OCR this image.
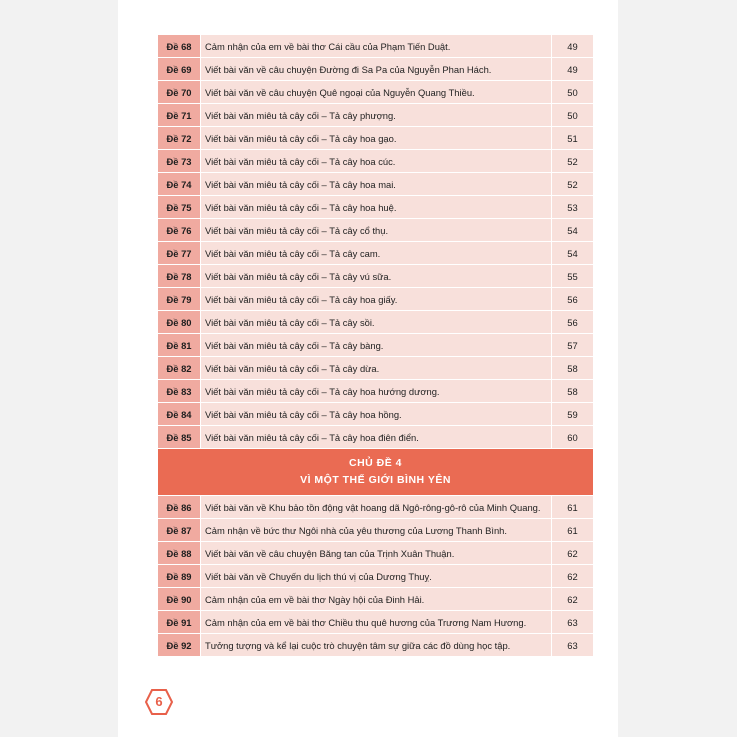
Đề 68	Cảm nhận của em về bài thơ Cái cầu của Phạm Tiến Duật.	49
Đề 69	Viết bài văn về câu chuyện Đường đi Sa Pa của Nguyễn Phan Hách.	49
Đề 70	Viết bài văn về câu chuyện Quê ngoại của Nguyễn Quang Thiều.	50
Đề 71	Viết bài văn miêu tả cây cối – Tả cây phượng.	50
Đề 72	Viết bài văn miêu tả cây cối – Tả cây hoa gạo.	51
Đề 73	Viết bài văn miêu tả cây cối – Tả cây hoa cúc.	52
Đề 74	Viết bài văn miêu tả cây cối – Tả cây hoa mai.	52
Đề 75	Viết bài văn miêu tả cây cối – Tả cây hoa huệ.	53
Đề 76	Viết bài văn miêu tả cây cối – Tả cây cổ thụ.	54
Đề 77	Viết bài văn miêu tả cây cối – Tả cây cam.	54
Đề 78	Viết bài văn miêu tả cây cối – Tả cây vú sữa.	55
Đề 79	Viết bài văn miêu tả cây cối – Tả cây hoa giấy.	56
Đề 80	Viết bài văn miêu tả cây cối – Tả cây sồi.	56
Đề 81	Viết bài văn miêu tả cây cối – Tả cây bàng.	57
Đề 82	Viết bài văn miêu tả cây cối – Tả cây dừa.	58
Đề 83	Viết bài văn miêu tả cây cối – Tả cây hoa hướng dương.	58
Đề 84	Viết bài văn miêu tả cây cối – Tả cây hoa hồng.	59
Đề 85	Viết bài văn miêu tả cây cối – Tả cây hoa điên điển.	60

CHỦ ĐỀ 4
VÌ MỘT THẾ GIỚI BÌNH YÊN		

Đề 86	Viết bài văn về Khu bảo tồn động vật hoang dã Ngô-rông-gô-rô của Minh Quang.	61
Đề 87	Cảm nhận về bức thư Ngôi nhà của yêu thương của Lương Thanh Bình.	61
Đề 88	Viết bài văn về câu chuyện Băng tan của Trịnh Xuân Thuận.	62
Đề 89	Viết bài văn về Chuyến du lịch thú vị của Dương Thuỵ.	62
Đề 90	Cảm nhận của em về bài thơ Ngày hội của Đinh Hải.	62
Đề 91	Cảm nhận của em về bài thơ Chiều thu quê hương của Trương Nam Hương.	63
Đề 92	Tưởng tượng và kể lại cuộc trò chuyện tâm sự giữa các đồ dùng học tập.	63
6
